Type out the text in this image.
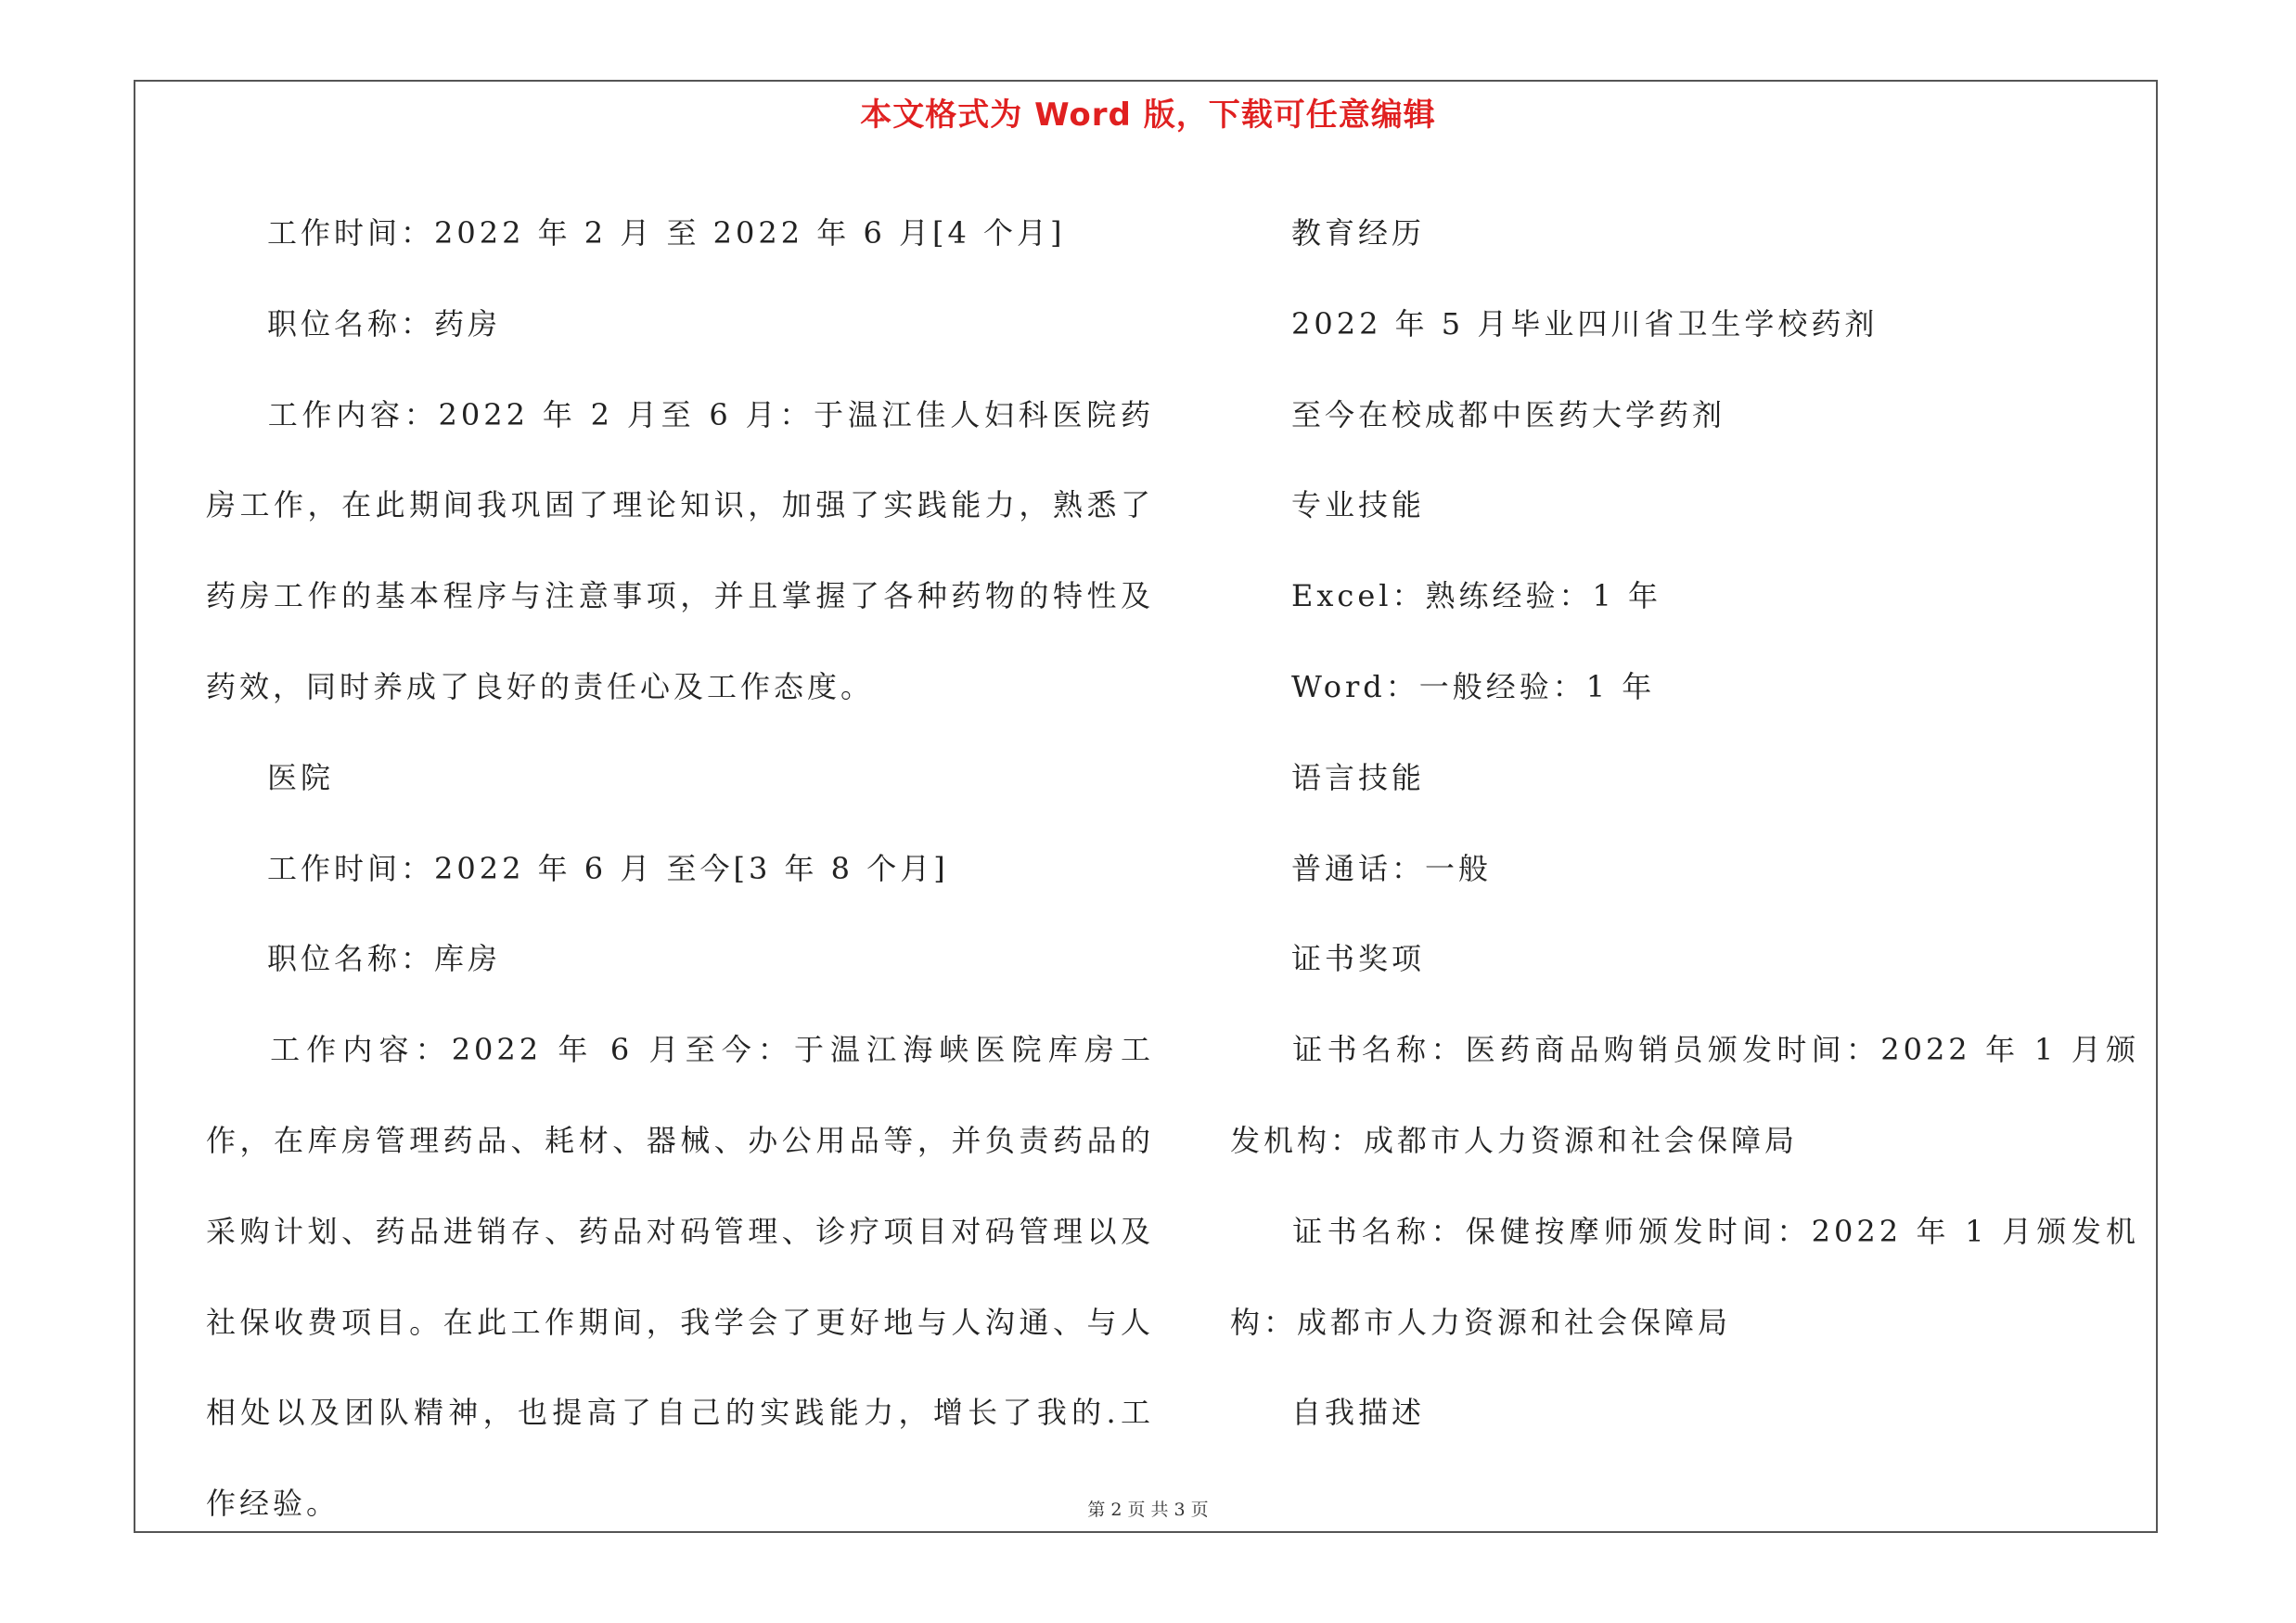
本文格式为 Word 版，下载可任意编辑

工作时间：2022 年 2 月 至 2022 年 6 月[4 个月]

职位名称：药房

工作内容：2022 年 2 月至 6 月：于温江佳人妇科医院药房工作，在此期间我巩固了理论知识，加强了实践能力，熟悉了药房工作的基本程序与注意事项，并且掌握了各种药物的特性及药效，同时养成了良好的责任心及工作态度。

医院

工作时间：2022 年 6 月 至今[3 年 8 个月]

职位名称：库房

工作内容：2022 年 6 月至今：于温江海峡医院库房工作，在库房管理药品、耗材、器械、办公用品等，并负责药品的采购计划、药品进销存、药品对码管理、诊疗项目对码管理以及社保收费项目。在此工作期间，我学会了更好地与人沟通、与人相处以及团队精神，也提高了自己的实践能力，增长了我的.工作经验。

教育经历

2022 年 5 月毕业四川省卫生学校药剂

至今在校成都中医药大学药剂

专业技能

Excel：熟练经验：1 年

Word：一般经验：1 年

语言技能

普通话：一般

证书奖项

证书名称：医药商品购销员颁发时间：2022 年 1 月颁发机构：成都市人力资源和社会保障局

证书名称：保健按摩师颁发时间：2022 年 1 月颁发机构：成都市人力资源和社会保障局

自我描述

第 2 页 共 3 页
